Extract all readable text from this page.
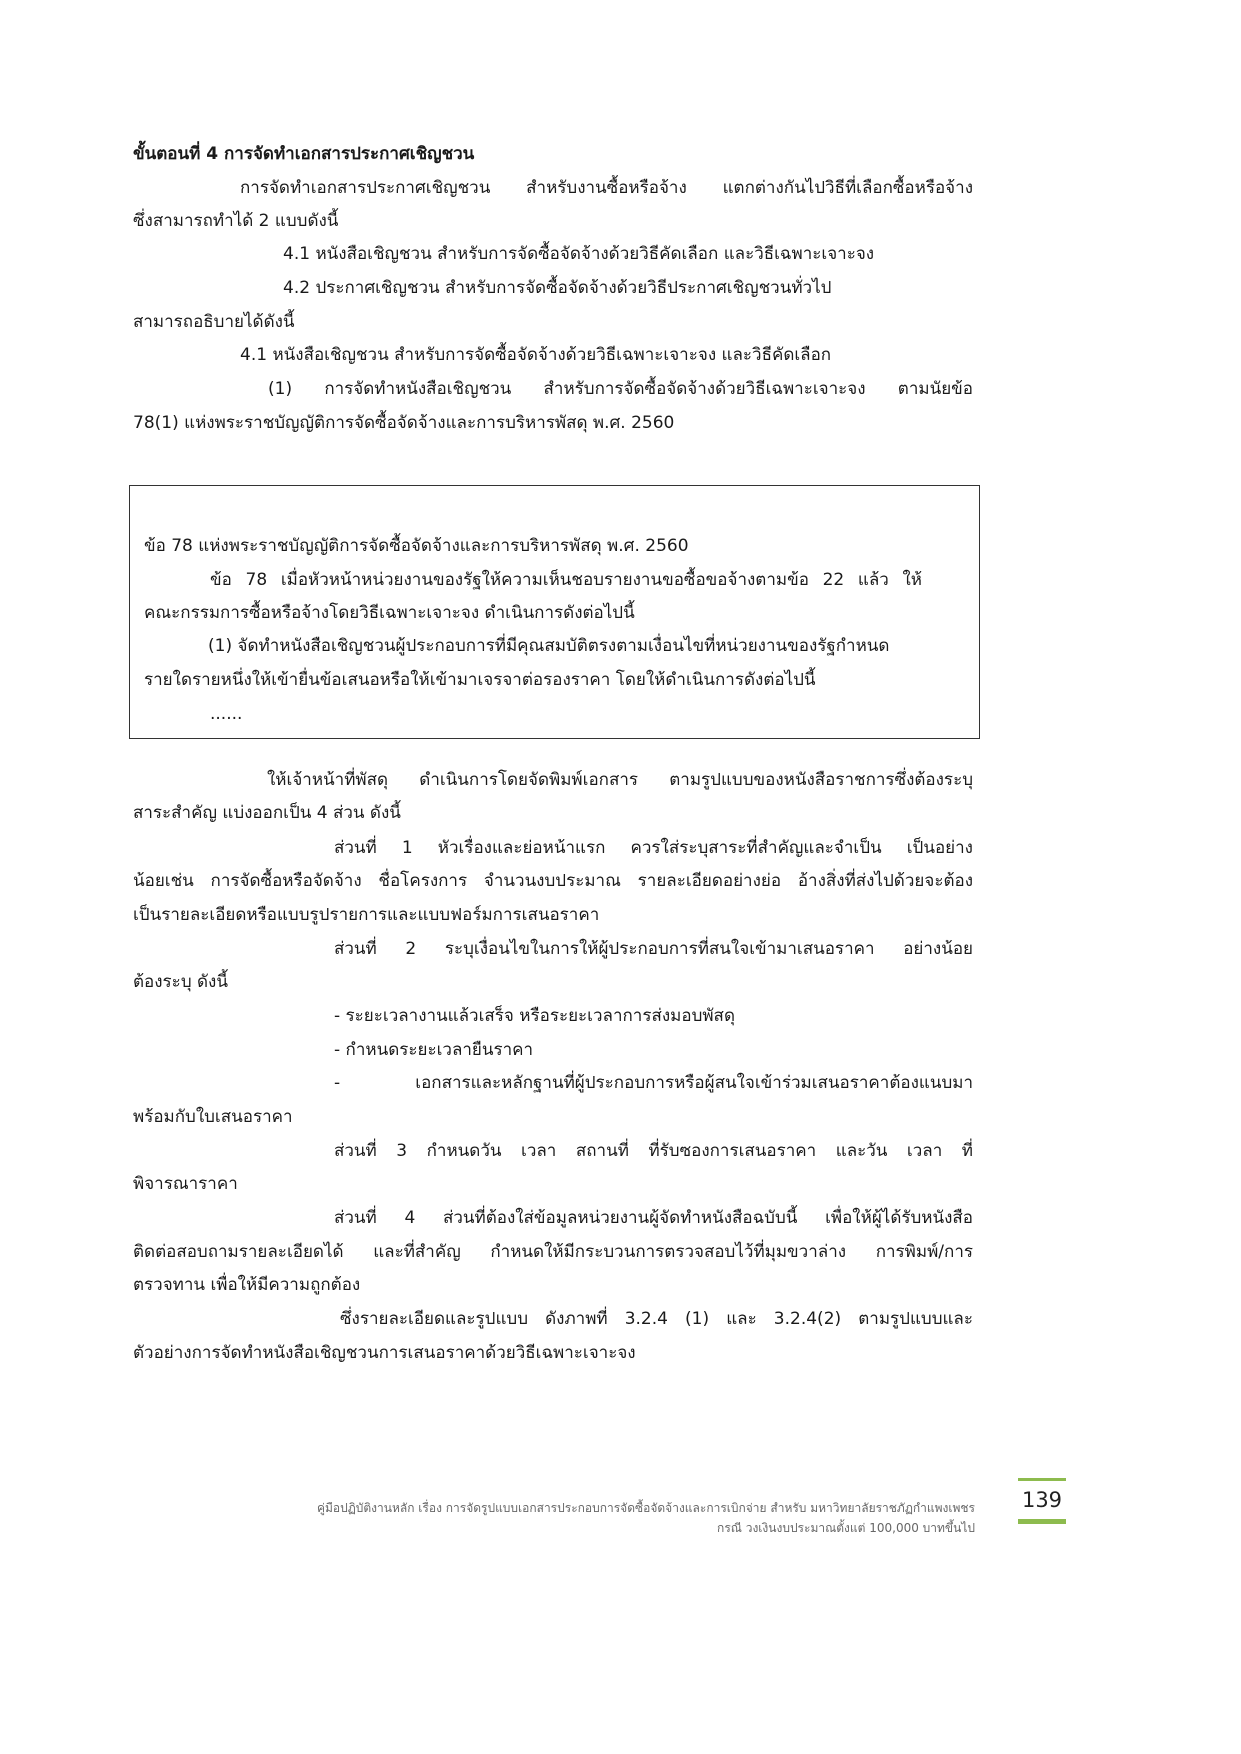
ขั้นตอนที่ 4 การจัดทำเอกสารประกาศเชิญชวน
การจัดทำเอกสารประกาศเชิญชวน สำหรับงานซื้อหรือจ้าง แตกต่างกันไปวิธีที่เลือกซื้อหรือจ้าง
ซึ่งสามารถทำได้ 2 แบบดังนี้
4.1 หนังสือเชิญชวน สำหรับการจัดซื้อจัดจ้างด้วยวิธีคัดเลือก และวิธีเฉพาะเจาะจง
4.2 ประกาศเชิญชวน สำหรับการจัดซื้อจัดจ้างด้วยวิธีประกาศเชิญชวนทั่วไป
สามารถอธิบายได้ดังนี้
4.1 หนังสือเชิญชวน สำหรับการจัดซื้อจัดจ้างด้วยวิธีเฉพาะเจาะจง และวิธีคัดเลือก
(1) การจัดทำหนังสือเชิญชวน สำหรับการจัดซื้อจัดจ้างด้วยวิธีเฉพาะเจาะจง ตามนัยข้อ
78(1) แห่งพระราชบัญญัติการจัดซื้อจัดจ้างและการบริหารพัสดุ พ.ศ. 2560
ข้อ 78 แห่งพระราชบัญญัติการจัดซื้อจัดจ้างและการบริหารพัสดุ พ.ศ. 2560
ข้อ 78 เมื่อหัวหน้าหน่วยงานของรัฐให้ความเห็นชอบรายงานขอซื้อขอจ้างตามข้อ 22 แล้ว ให้
คณะกรรมการซื้อหรือจ้างโดยวิธีเฉพาะเจาะจง ดำเนินการดังต่อไปนี้
(1) จัดทำหนังสือเชิญชวนผู้ประกอบการที่มีคุณสมบัติตรงตามเงื่อนไขที่หน่วยงานของรัฐกำหนด
รายใดรายหนึ่งให้เข้ายื่นข้อเสนอหรือให้เข้ามาเจรจาต่อรองราคา โดยให้ดำเนินการดังต่อไปนี้
......
ให้เจ้าหน้าที่พัสดุ ดำเนินการโดยจัดพิมพ์เอกสาร ตามรูปแบบของหนังสือราชการซึ่งต้องระบุ
สาระสำคัญ แบ่งออกเป็น 4 ส่วน ดังนี้
ส่วนที่ 1 หัวเรื่องและย่อหน้าแรก ควรใส่ระบุสาระที่สำคัญและจำเป็น เป็นอย่าง
น้อยเช่น การจัดซื้อหรือจัดจ้าง ชื่อโครงการ จำนวนงบประมาณ รายละเอียดอย่างย่อ อ้างสิ่งที่ส่งไปด้วยจะต้อง
เป็นรายละเอียดหรือแบบรูปรายการและแบบฟอร์มการเสนอราคา
ส่วนที่ 2 ระบุเงื่อนไขในการให้ผู้ประกอบการที่สนใจเข้ามาเสนอราคา อย่างน้อย
ต้องระบุ ดังนี้
- ระยะเวลางานแล้วเสร็จ หรือระยะเวลาการส่งมอบพัสดุ
- กำหนดระยะเวลายืนราคา
- เอกสารและหลักฐานที่ผู้ประกอบการหรือผู้สนใจเข้าร่วมเสนอราคาต้องแนบมา
พร้อมกับใบเสนอราคา
ส่วนที่ 3 กำหนดวัน เวลา สถานที่ ที่รับซองการเสนอราคา และวัน เวลา ที่
พิจารณาราคา
ส่วนที่ 4 ส่วนที่ต้องใส่ข้อมูลหน่วยงานผู้จัดทำหนังสือฉบับนี้ เพื่อให้ผู้ได้รับหนังสือ
ติดต่อสอบถามรายละเอียดได้ และที่สำคัญ กำหนดให้มีกระบวนการตรวจสอบไว้ที่มุมขวาล่าง การพิมพ์/การ
ตรวจทาน เพื่อให้มีความถูกต้อง
ซึ่งรายละเอียดและรูปแบบ ดังภาพที่ 3.2.4 (1) และ 3.2.4(2) ตามรูปแบบและ
ตัวอย่างการจัดทำหนังสือเชิญชวนการเสนอราคาด้วยวิธีเฉพาะเจาะจง
คู่มือปฏิบัติงานหลัก เรื่อง การจัดรูปแบบเอกสารประกอบการจัดซื้อจัดจ้างและการเบิกจ่าย สำหรับ มหาวิทยาลัยราชภัฏกำแพงเพชร
กรณี วงเงินงบประมาณตั้งแต่ 100,000 บาทขึ้นไป
139
